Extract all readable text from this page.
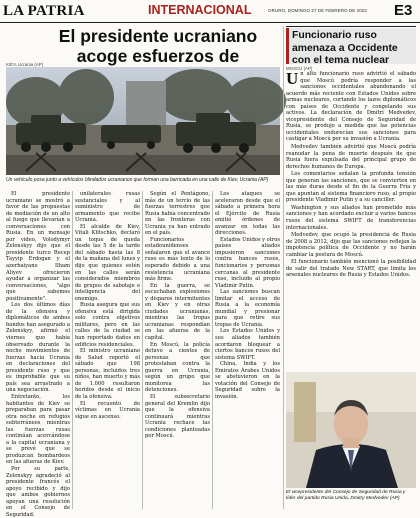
LA PATRIA	INTERNACIONAL	ORURO, DOMINGO 27 DE FEBRERO DE 2022 E3
El presidente ucraniano acoge esfuerzos de
KIEV, Ucrania (AP)
Un vehículo posa junto a vehículos blindados ucranianos que forman una barricada en una calle de Kiev, Ucrania (AP)

El presidente ucraniano se mostró a favor de las propuestas de mediación de un alto al fuego que llevarían a conversaciones con Rusia. En un mensaje por video, Volodymyr Zelenskyy dijo que el presidente turco Recep Tayyip Erdogan y el azerbaiyano Ilham Aliyev ofrecieron ayudar a organizar las conversaciones, "algo que sabemos positivamente".

Los dos últimos días de la ofensiva y diplomáticos de ambos bandos han asegurado a Zelenskyy, afirmó el viernes que había observado durante la noche movimientos de fuerzas hacia Ucrania en declaraciones del presidente ruso y que es improbable que su país sea arrastrado a una negociación.

Entretanto, los habitantes de Kiev se preparaban para pasar otra noche en refugios subterráneos mientras las fuerzas rusas continúan acercándose a la capital ucraniana y se prevé que se produzcan bombardeos en las afueras de Kiev.

Por su parte, Zelenskyy agradeció al presidente francés el apoyo recibido y dijo que ambos gobiernos apoyan una resolución en el Consejo de Seguridad.

unilaterales rusas sustanciales y al suministro de armamento que recibe Ucrania.

El alcalde de Kiev, Vitali Klitschko, declaró un toque de queda desde las 5 de la tarde del sábado hasta las 8 de la mañana del lunes y dijo que quienes estén en las calles serán considerados miembros de grupos de sabotaje e inteligencia del enemigo.

Rusia asegura que sus ofensiva está dirigida solo contra objetivos militares, pero en las calles de la ciudad se han reportado daños en edificios residenciales.

El ministro ucraniano de Salud reportó el sábado que 198 personas, incluidos tres niños, han muerto y más de 1.000 resultaron heridos desde el inicio de la ofensiva.

El recuento de víctimas en Ucrania sigue en ascenso.

Según el Pentágono, más de un tercio de las fuerzas terrestres que Rusia había concentrado en las fronteras con Ucrania ya han entrado en el país.

Funcionarios estadounidenses señalaron que el avance ruso es más lento de lo esperado debido a una resistencia ucraniana más firme.

En la guerra, se escuchaban explosiones y disparos intermitentes en Kiev y en otras ciudades ucranianas, mientras las tropas ucranianas respondían en las afueras de la capital.

En Moscú, la policía detuvo a cientos de personas que protestaban contra la guerra en Ucrania, según un grupo que monitorea las detenciones.

El subsecretario general del Kremlin dijo que la ofensiva continuará mientras Ucrania rechace las condiciones planteadas por Moscú.

Los ataques se aceleraron desde que el sábado a primera hora el Ejército de Rusia emitió órdenes de avanzar en todas las direcciones.

Estados Unidos y otros países aliados impusieron sanciones contra bancos rusos, funcionarios y personas cercanas al presidente ruso, incluido al propio Vladimir Putin.

Las sanciones buscan limitar el acceso de Rusia a la economía mundial y presionar para que retire sus tropas de Ucrania.

Los Estados Unidos y sus aliados también acordaron bloquear a ciertos bancos rusos del sistema SWIFT.

China, India y los Emiratos Árabes Unidos se abstuvieron en la votación del Consejo de Seguridad sobre la invasión.

Funcionario ruso amenaza a Occidente con el tema nuclear
MOSCÚ (AP)

Un alto funcionario ruso advirtió el sábado que Moscú podría responder a las sanciones occidentales abandonando el acuerdo más reciente con Estados Unidos sobre armas nucleares, cortando los lazos diplomáticos con países de Occidente y congelando sus activos. La declaración de Dmitri Medvedev, vicepresidente del Consejo de Seguridad de Rusia, se produjo a medida que las potencias occidentales endurecían sus sanciones para castigar a Moscú por su invasión a Ucrania.

Medvedev también advirtió que Moscú podría reanudar la pena de muerte después de que Rusia fuera expulsada del principal grupo de derechos humanos de Europa.

Los comentarios señalan la profunda tensión que generan las sanciones, que se convierten en las más duras desde el fin de la Guerra Fría y que apuntan al sistema financiero ruso, al propio presidente Vladimir Putin y a su canciller.

Washington y sus aliados han prometido más sanciones y han acordado excluir a varios bancos rusos del sistema SWIFT de transferencias internacionales.

Medvedev, que ocupó la presidencia de Rusia de 2008 a 2012, dijo que las sanciones reflejan la impotencia política de Occidente y no harán cambiar la postura de Moscú.

El funcionario también mencionó la posibilidad de salir del tratado New START, que limita los arsenales nucleares de Rusia y Estados Unidos.

El vicepresidente del Consejo de Seguridad de Rusia y líder del partido Rusia Unida, Dmitry Medvedev (AP)
